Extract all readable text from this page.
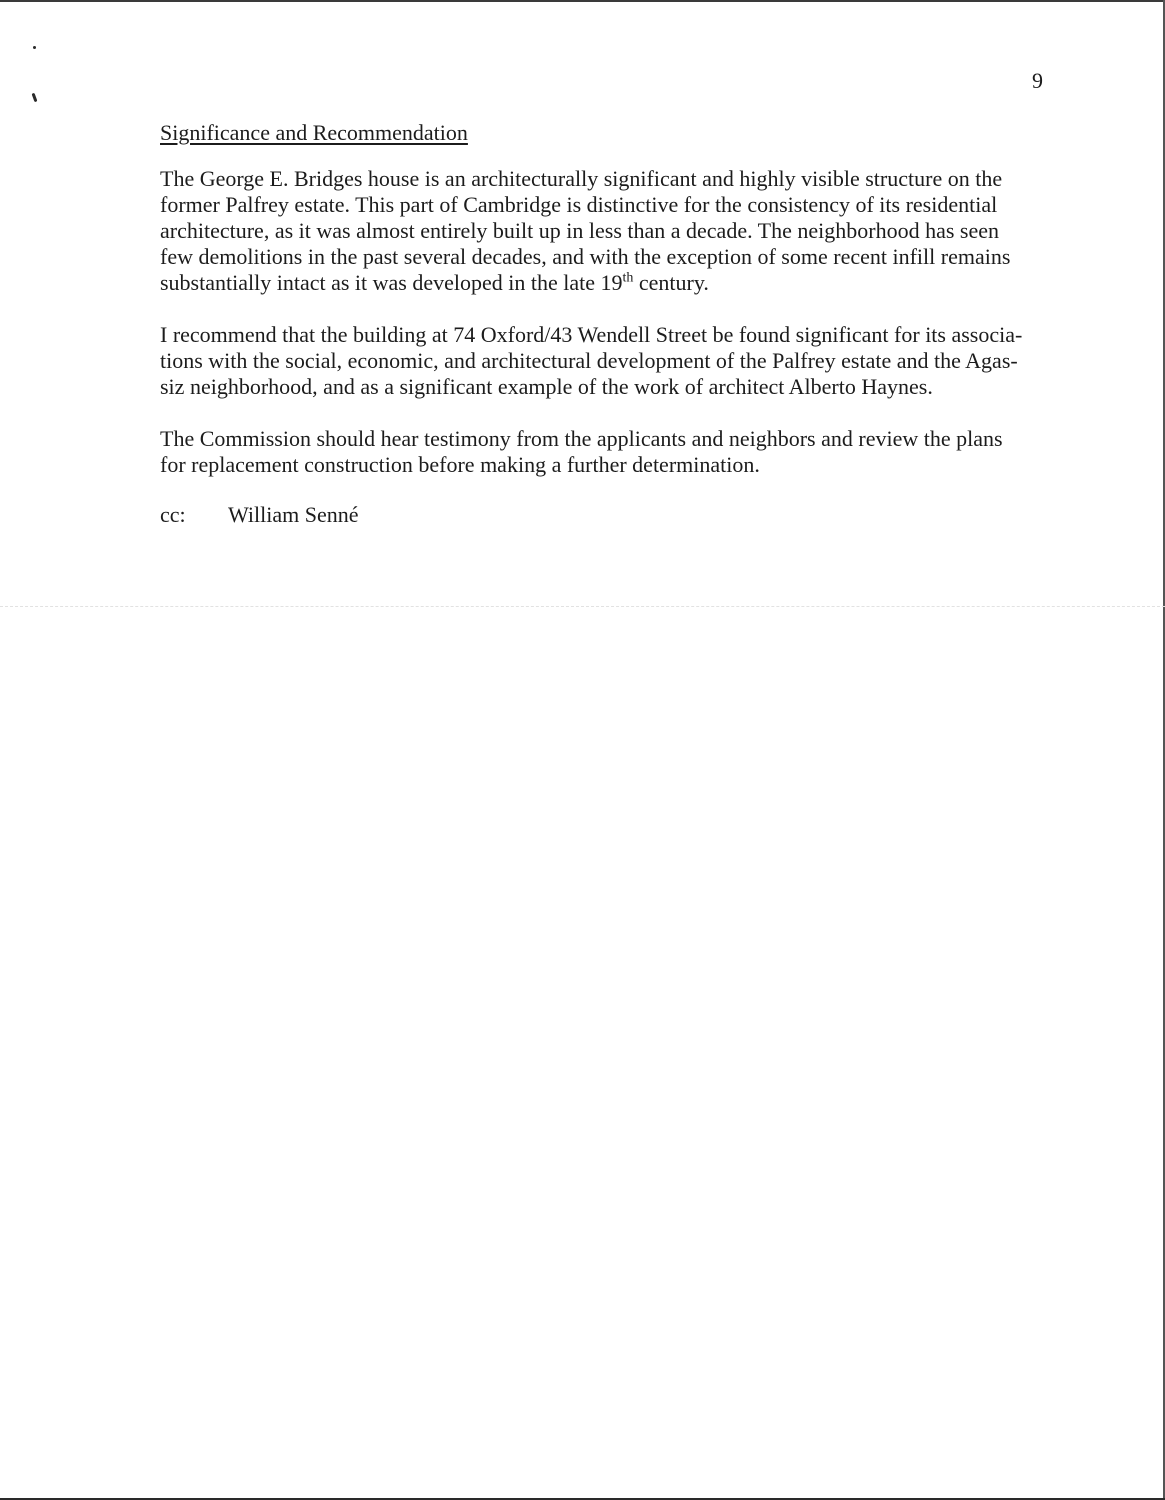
9
Significance and Recommendation

The George E. Bridges house is an architecturally significant and highly visible structure on the
former Palfrey estate. This part of Cambridge is distinctive for the consistency of its residential
architecture, as it was almost entirely built up in less than a decade. The neighborhood has seen
few demolitions in the past several decades, and with the exception of some recent infill remains
substantially intact as it was developed in the late 19th century.

I recommend that the building at 74 Oxford/43 Wendell Street be found significant for its associa-
tions with the social, economic, and architectural development of the Palfrey estate and the Agas-
siz neighborhood, and as a significant example of the work of architect Alberto Haynes.

The Commission should hear testimony from the applicants and neighbors and review the plans
for replacement construction before making a further determination.

cc: William Senné
